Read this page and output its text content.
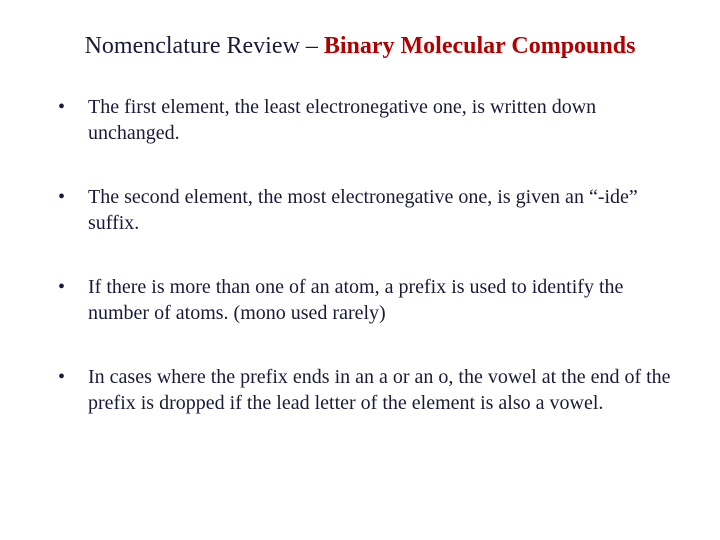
Nomenclature Review – Binary Molecular Compounds
•	The first element, the least electronegative one, is written down unchanged.
•	The second element, the most electronegative one, is given an “-ide” suffix.
•	If there is more than one of an atom, a prefix is used to identify the number of atoms. (mono used rarely)
•	In cases where the prefix ends in an a or an o, the vowel at the end of the prefix is dropped if the lead letter of the element is also a vowel.
